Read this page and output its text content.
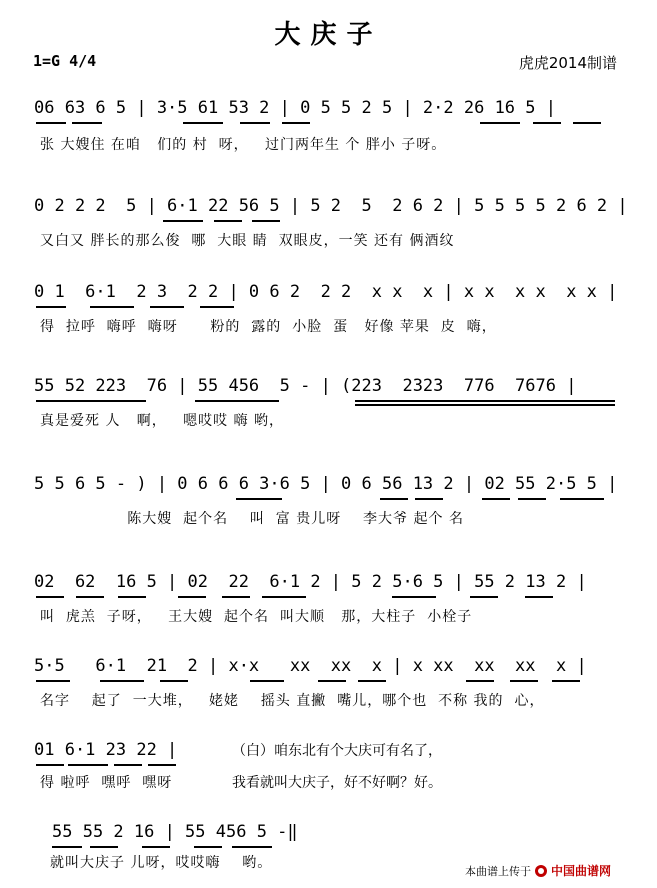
大庆子
1=G 4/4	虎虎2014制谱
06 63 6 5 | 3·5 61 53 2 | 0 5 5 2 5 | 2·2 26 16 5 |
张 大嫂住 在咱   们的 村  呀，   过门两年生 个 胖小 子呀。
0 2 2 2  5 | 6·1 22 56 5 | 5 2  5  2 6 2 | 5 5 5 5 2 6 2 |
又白又 胖长的那么俊  哪  大眼 睛  双眼皮，一笑 还有 俩酒纹
0 1  6·1  2 3  2 2 | 0 6 2  2 2  x x  x | x x  x x  x x |
得  拉呼  嗨呼  嗨呀      粉的  露的  小脸  蛋   好像 苹果  皮  嗨，
55 52 223  76 | 55 456  5 - | (223  2323  776  7676 |
真是爱死 人   啊，   嗯哎哎 嗨 哟，
5 5 6 5 - ) | 0 6 6 6 3·6 5 | 0 6 56 13 2 | 02 55 2·5 5 |
陈大嫂  起个名    叫  富 贵儿呀    李大爷 起个 名
02  62  16 5 | 02  22  6·1 2 | 5 2 5·6 5 | 55 2 13 2 |
叫  虎羔  子呀，   王大嫂  起个名  叫大顺   那，大柱子  小栓子
5·5   6·1  21  2 | x·x   xx  xx  x | x xx  xx  xx  x |
名字    起了  一大堆，   姥姥    摇头 直撇  嘴儿，哪个也  不称 我的  心，
01 6·1 23 22 |	（白）咱东北有个大庆可有名了，
得 啦呼  嘿呼  嘿呀	我看就叫大庆子，好不好啊？好。
55 55 2 16 | 55 456 5 -‖
就叫大庆子 儿呀，哎哎嗨    哟。	本曲谱上传于 中国曲谱网
